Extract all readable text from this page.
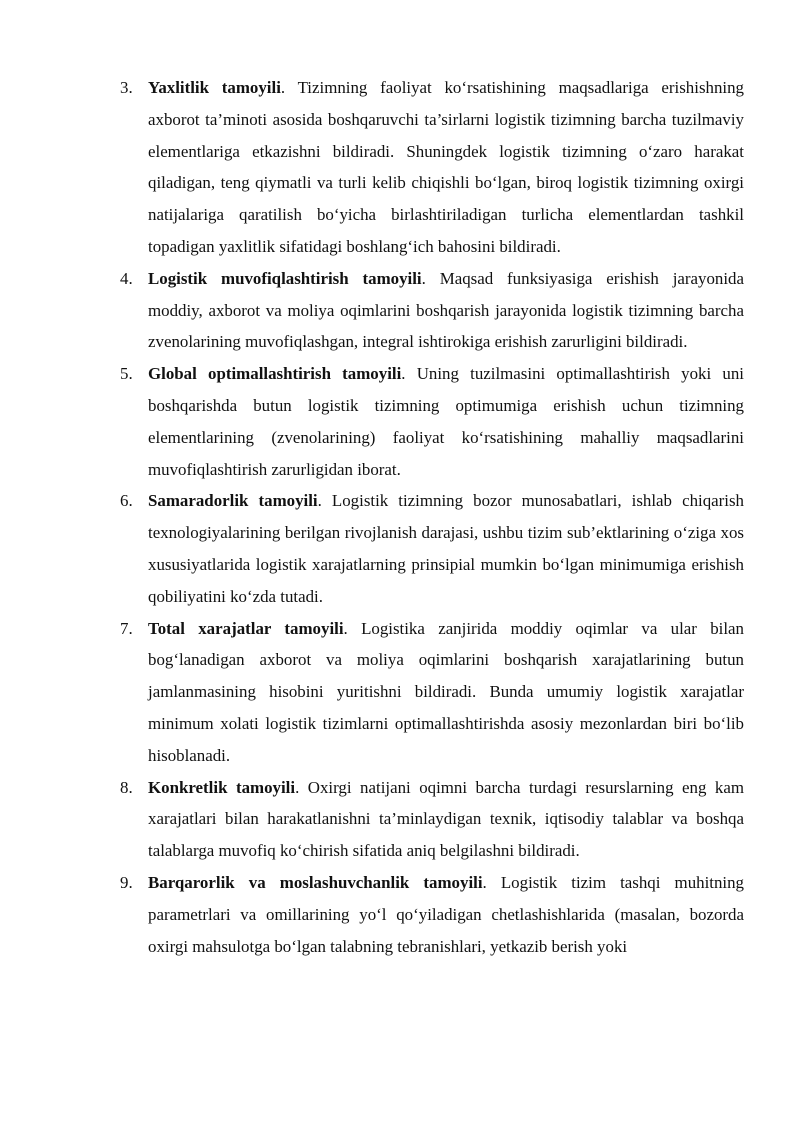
3. Yaxlitlik tamoyili. Tizimning faoliyat ko‘rsatishining maqsadlariga erishishning axborot ta’minoti asosida boshqaruvchi ta’sirlarni logistik tizimning barcha tuzilmaviy elementlariga etkazishni bildiradi. Shuningdek logistik tizimning o‘zaro harakat qiladigan, teng qiymatli va turli kelib chiqishli bo‘lgan, biroq logistik tizimning oxirgi natijalariga qaratilish bo‘yicha birlashtiriladigan turlicha elementlardan tashkil topadigan yaxlitlik sifatidagi boshlang‘ich bahosini bildiradi.
4. Logistik muvofiqlashtirish tamoyili. Maqsad funksiyasiga erishish jarayonida moddiy, axborot va moliya oqimlarini boshqarish jarayonida logistik tizimning barcha zvenolarining muvofiqlashgan, integral ishtirokiga erishish zarurligini bildiradi.
5. Global optimallashtirish tamoyili. Uning tuzilmasini optimallashtirish yoki uni boshqarishda butun logistik tizimning optimumiga erishish uchun tizimning elementlarining (zvenolarining) faoliyat ko‘rsatishining mahalliy maqsadlarini muvofiqlashtirish zarurligidan iborat.
6. Samaradorlik tamoyili. Logistik tizimning bozor munosabatlari, ishlab chiqarish texnologiyalarining berilgan rivojlanish darajasi, ushbu tizim sub’ektlarining o‘ziga xos xususiyatlarida logistik xarajatlarning prinsipial mumkin bo‘lgan minimumiga erishish qobiliyatini ko‘zda tutadi.
7. Total xarajatlar tamoyili. Logistika zanjirida moddiy oqimlar va ular bilan bog‘lanadigan axborot va moliya oqimlarini boshqarish xarajatlarining butun jamlanmasining hisobini yuritishni bildiradi. Bunda umumiy logistik xarajatlar minimum xolati logistik tizimlarni optimallashtirishda asosiy mezonlardan biri bo‘lib hisoblanadi.
8. Konkretlik tamoyili. Oxirgi natijani oqimni barcha turdagi resurslarning eng kam xarajatlari bilan harakatlanishni ta’minlaydigan texnik, iqtisodiy talablar va boshqa talablarga muvofiq ko‘chirish sifatida aniq belgilashni bildiradi.
9. Barqarorlik va moslashuvchanlik tamoyili. Logistik tizim tashqi muhitning parametrlari va omillarining yo‘l qo‘yiladigan chetlashishlarida (masalan, bozorda oxirgi mahsulotga bo‘lgan talabning tebranishlari, yetkazib berish yoki
